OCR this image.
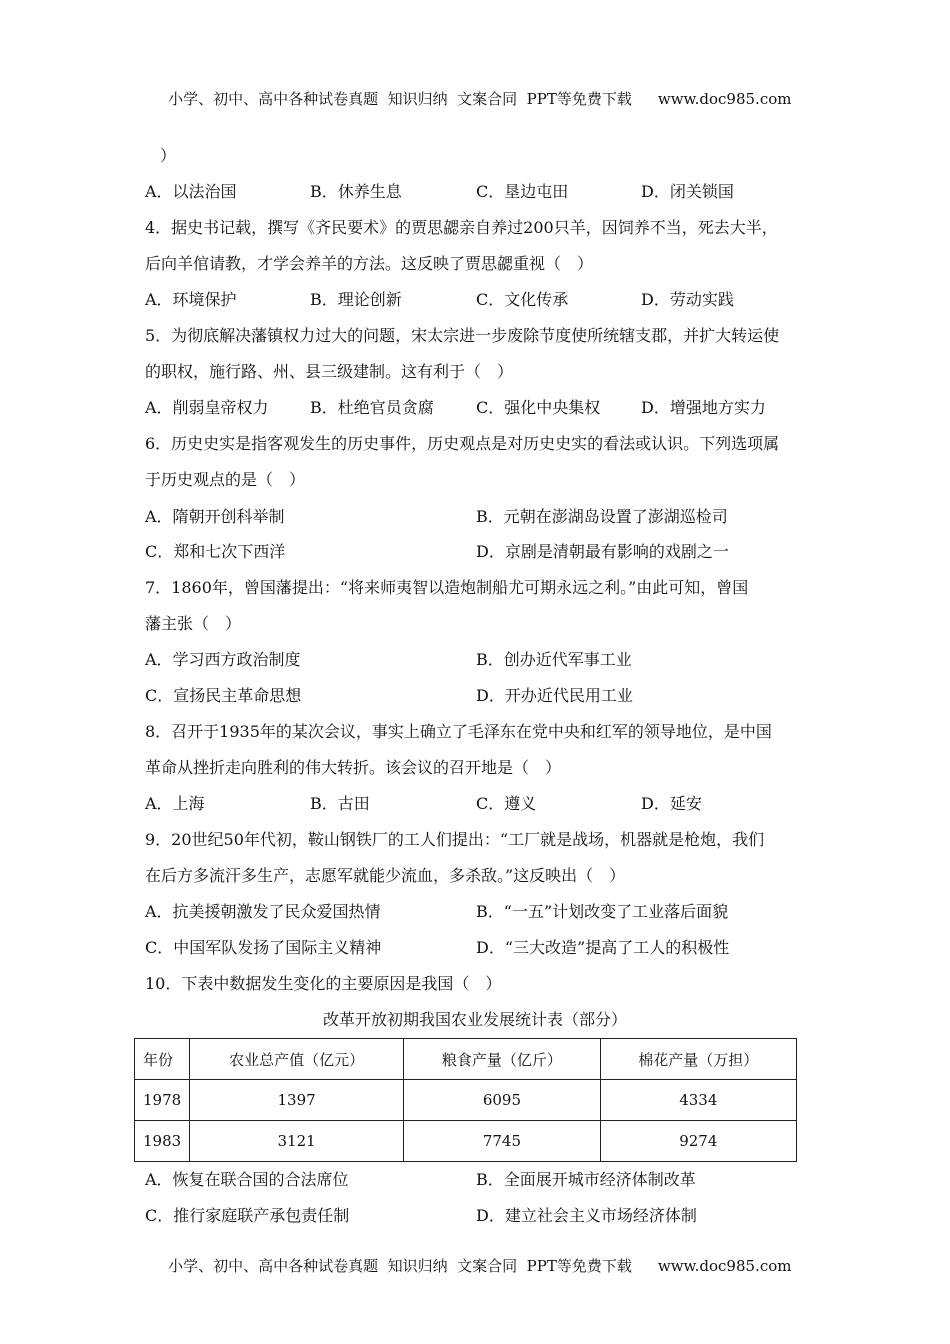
小学、初中、高中各种试卷真题  知识归纳  文案合同  PPT等免费下载 www.doc985.com

）
A．以法治国	B．休养生息	C．垦边屯田	D．闭关锁国
4．据史书记载，撰写《齐民要术》的贾思勰亲自养过200只羊，因饲养不当，死去大半，
后向羊倌请教，才学会养羊的方法。这反映了贾思勰重视（　）
A．环境保护	B．理论创新	C．文化传承	D．劳动实践
5．为彻底解决藩镇权力过大的问题，宋太宗进一步废除节度使所统辖支郡，并扩大转运使
的职权，施行路、州、县三级建制。这有利于（　）
A．削弱皇帝权力	B．杜绝官员贪腐	C．强化中央集权	D．增强地方实力
6．历史史实是指客观发生的历史事件，历史观点是对历史史实的看法或认识。下列选项属
于历史观点的是（　）
A．隋朝开创科举制	B．元朝在澎湖岛设置了澎湖巡检司
C．郑和七次下西洋	D．京剧是清朝最有影响的戏剧之一
7．1860年，曾国藩提出：“将来师夷智以造炮制船尤可期永远之利。”由此可知，曾国
藩主张（　）
A．学习西方政治制度	B．创办近代军事工业
C．宣扬民主革命思想	D．开办近代民用工业
8．召开于1935年的某次会议，事实上确立了毛泽东在党中央和红军的领导地位，是中国
革命从挫折走向胜利的伟大转折。该会议的召开地是（　）
A．上海	B．古田	C．遵义	D．延安
9．20世纪50年代初，鞍山钢铁厂的工人们提出：“工厂就是战场，机器就是枪炮，我们
在后方多流汗多生产，志愿军就能少流血，多杀敌。”这反映出（　）
A．抗美援朝激发了民众爱国热情	B．“一五”计划改变了工业落后面貌
C．中国军队发扬了国际主义精神	D．“三大改造”提高了工人的积极性
10．下表中数据发生变化的主要原因是我国（　）
改革开放初期我国农业发展统计表（部分）
年份	农业总产值（亿元）	粮食产量（亿斤）	棉花产量（万担）
1978	1397	6095	4334
1983	3121	7745	9274
A．恢复在联合国的合法席位	B．全面展开城市经济体制改革
C．推行家庭联产承包责任制	D．建立社会主义市场经济体制

小学、初中、高中各种试卷真题  知识归纳  文案合同  PPT等免费下载 www.doc985.com
